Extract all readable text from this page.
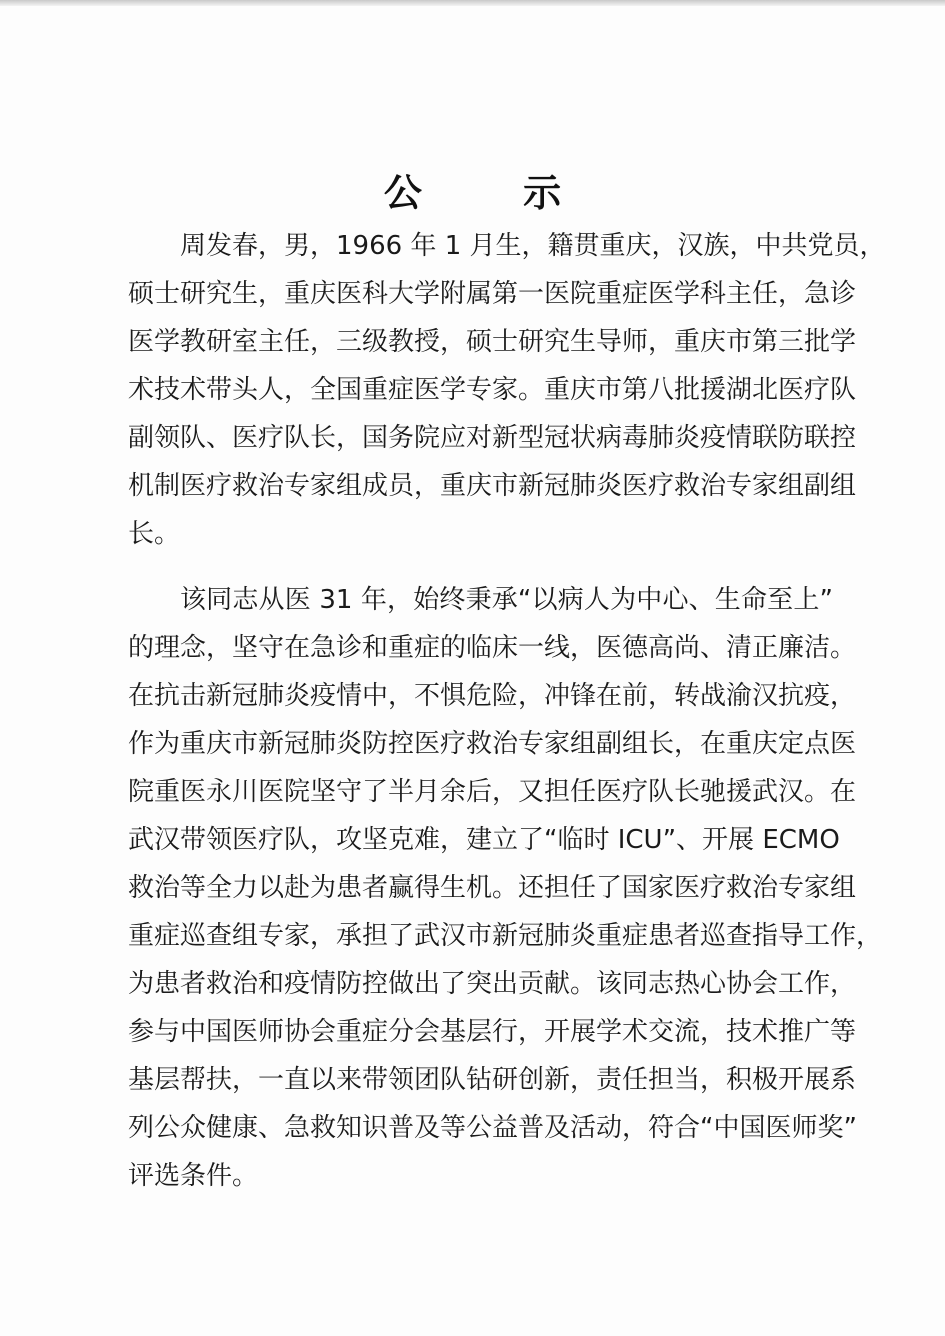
公 示
周发春，男，1966 年 1 月生，籍贯重庆，汉族，中共党员，
硕士研究生，重庆医科大学附属第一医院重症医学科主任，急诊
医学教研室主任，三级教授，硕士研究生导师，重庆市第三批学
术技术带头人，全国重症医学专家。重庆市第八批援湖北医疗队
副领队、医疗队长，国务院应对新型冠状病毒肺炎疫情联防联控
机制医疗救治专家组成员，重庆市新冠肺炎医疗救治专家组副组
长。
该同志从医 31 年，始终秉承“以病人为中心、生命至上”
的理念，坚守在急诊和重症的临床一线，医德高尚、清正廉洁。
在抗击新冠肺炎疫情中，不惧危险，冲锋在前，转战渝汉抗疫，
作为重庆市新冠肺炎防控医疗救治专家组副组长，在重庆定点医
院重医永川医院坚守了半月余后，又担任医疗队长驰援武汉。在
武汉带领医疗队，攻坚克难，建立了“临时 ICU”、开展 ECMO
救治等全力以赴为患者赢得生机。还担任了国家医疗救治专家组
重症巡查组专家，承担了武汉市新冠肺炎重症患者巡查指导工作，
为患者救治和疫情防控做出了突出贡献。该同志热心协会工作，
参与中国医师协会重症分会基层行，开展学术交流，技术推广等
基层帮扶，一直以来带领团队钻研创新，责任担当，积极开展系
列公众健康、急救知识普及等公益普及活动，符合“中国医师奖”
评选条件。
